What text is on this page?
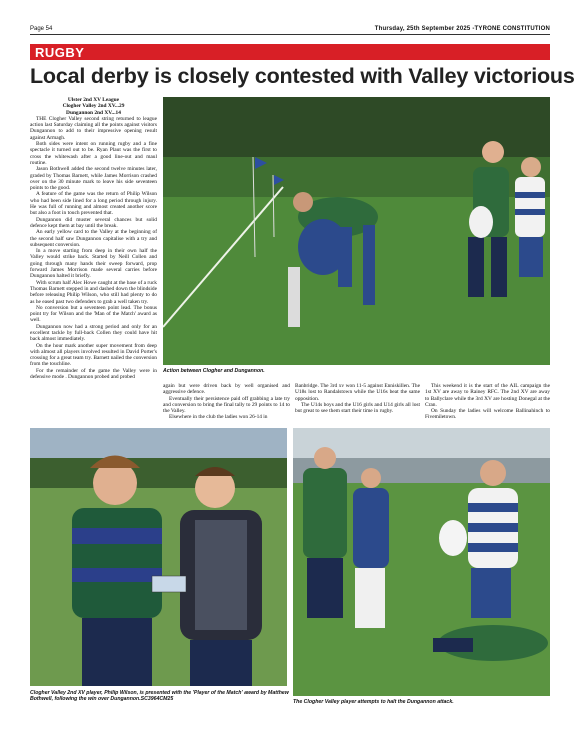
Page 54	Thursday, 25th September 2025 -TYRONE CONSTITUTION
RUGBY
Local derby is closely contested with Valley victorious

Ulster 2nd XV League

Clogher Valley 2nd XV...29

Dungannon 2nd XV...14

THE Clogher Valley second string returned to league action last Saturday claiming all the points against visitors Dungannon to add to their impressive opening result against Armagh.

Both sides were intent on running rugby and a fine spectacle it turned out to be. Ryan Plaut was the first to cross the whitewash after a good line-out and maul routine.

Jason Bothwell added the second twelve minutes later, graded by Thomas Barnett, while James Morrison crashed over on the 30 minute mark to leave his side seventeen points to the good.

A feature of the game was the return of Philip Wilson who had been side lined for a long period through injury. He was full of running and almost created another score but also a foot in touch prevented that.

Dungannon did muster several chances but solid defence kept them at bay until the break.

An early yellow card to the Valley at the beginning of the second half saw Dungannon capitalise with a try and subsequent conversion.

In a move starting from deep in their own half the Valley would strike back. Started by Neill Collen and going through many hands their sweep forward, prop forward James Morrison made several carries before Dungannon halted it briefly.

With scrum half Alec Howe caught at the base of a ruck Thomas Barnett stepped in and dashed down the blindside before releasing Philip Wilson, who still had plenty to do as he eased past two defenders to grab a well taken try.

No conversion but a seventeen point lead. The bonus point try for Wilson and the 'Man of the Match' award as well.

Dungannon now had a strong period and only for an excellent tackle by full-back Collen they could have hit back almost immediately.

On the hour mark another super movement from deep with almost all players involved resulted in David Porter's crossing for a great team try. Barnett nailed the conversion from the touchline.

For the remainder of the game the Valley were in defensive mode . Dungannon probed and probed

Action between Clogher and Dungannon.

again but were driven back by well organised and aggressive defence.

Eventually their persistence paid off grabbing a late try and conversion to bring the final tally to 29 points to 14 to the Valley.

Elsewhere in the club the ladies won 26-14 in

Banbridge. The 3rd xv won 11-5 against Enniskillen. The U18s lost to Randalstown while the U16s beat the same opposition.

The U14s boys and the U16 girls and U14 girls all lost but great to see them start their time in rugby.

This weekend it is the start of the AIL campaign the 1st XV are away to Rainey RFC. The 2nd XV are away to Ballyclare while the 3rd XV are hosting Donegal at the Cran.

On Sunday the ladies will welcome Ballinahinch to Fivemiletown.

Clogher Valley 2nd XV player, Philip Wilson, is presented with the 'Player of the Match' award by Matthew Bothwell, following the win over Dungannon.SC3964CM25	The Clogher Valley player attempts to halt the Dungannon attack.
